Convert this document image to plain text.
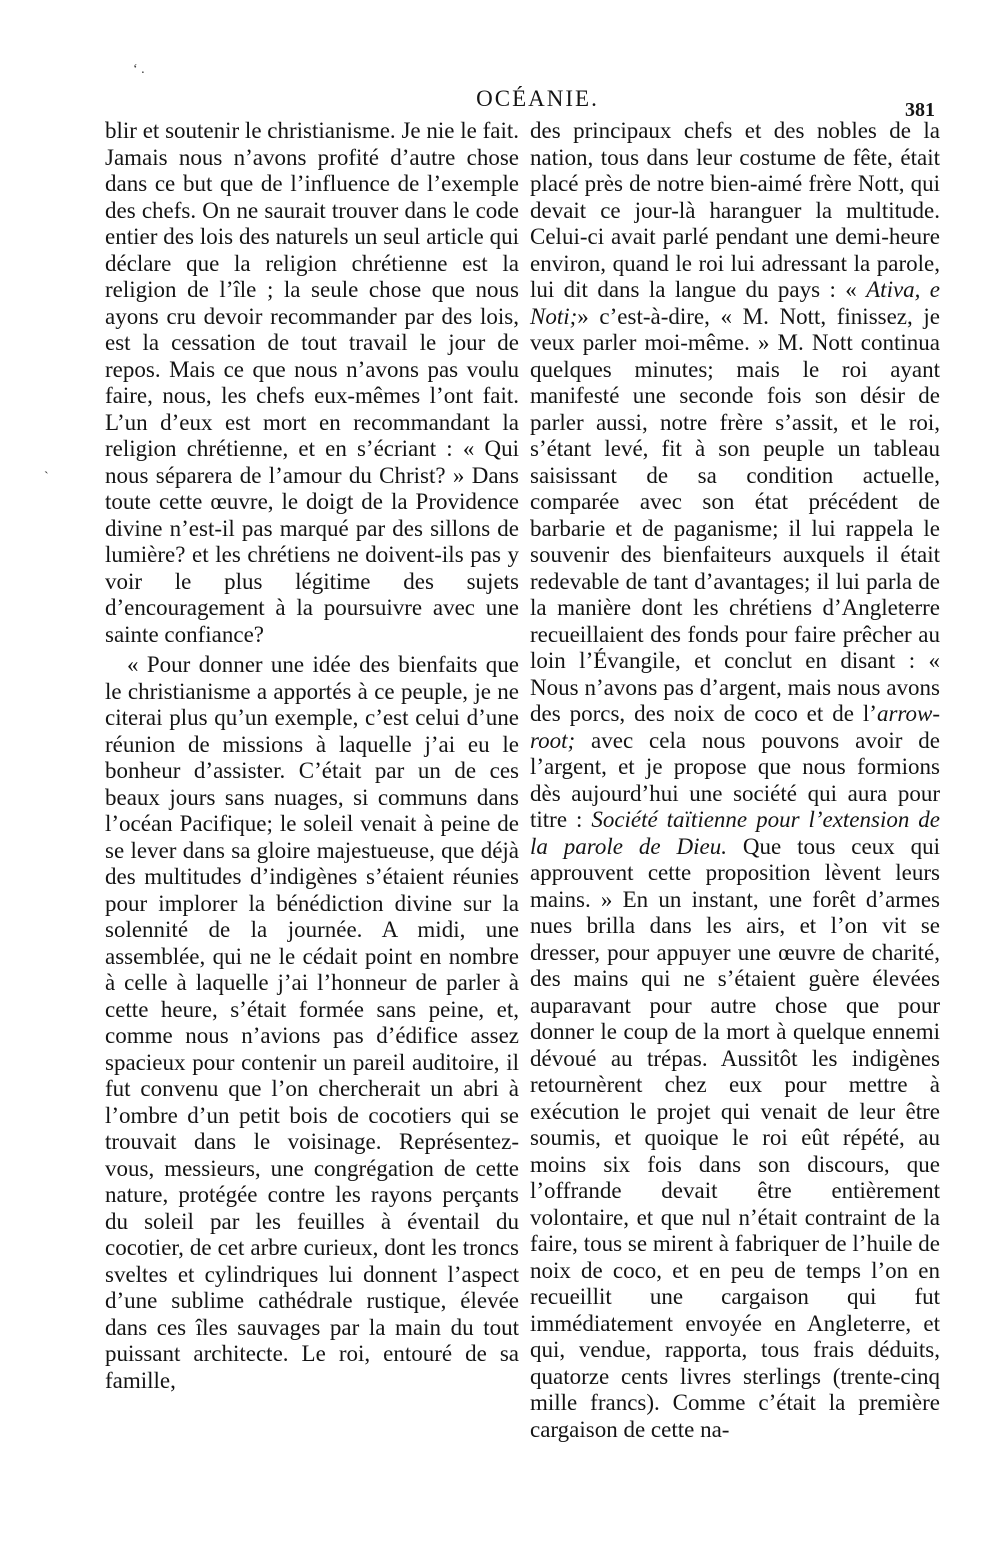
‘ .
`
OCÉANIE.	381

blir et soutenir le christianisme. Je nie le fait. Jamais nous n’avons profité d’autre chose dans ce but que de l’influence de l’exemple des chefs. On ne saurait trouver dans le code entier des lois des naturels un seul article qui déclare que la religion chrétienne est la religion de l’île ; la seule chose que nous ayons cru devoir recommander par des lois, est la cessation de tout travail le jour de repos. Mais ce que nous n’avons pas voulu faire, nous, les chefs eux-mêmes l’ont fait. L’un d’eux est mort en recommandant la religion chrétienne, et en s’écriant : « Qui nous séparera de l’amour du Christ? » Dans toute cette œuvre, le doigt de la Providence divine n’est-il pas marqué par des sillons de lumière? et les chrétiens ne doivent-ils pas y voir le plus légitime des sujets d’encouragement à la poursuivre avec une sainte confiance?

« Pour donner une idée des bienfaits que le christianisme a apportés à ce peuple, je ne citerai plus qu’un exemple, c’est celui d’une réunion de missions à laquelle j’ai eu le bonheur d’assister. C’était par un de ces beaux jours sans nuages, si communs dans l’océan Pacifique; le soleil venait à peine de se lever dans sa gloire majestueuse, que déjà des multitudes d’indigènes s’étaient réunies pour implorer la bénédiction divine sur la solennité de la journée. A midi, une assemblée, qui ne le cédait point en nombre à celle à laquelle j’ai l’honneur de parler à cette heure, s’était formée sans peine, et, comme nous n’avions pas d’édifice assez spacieux pour contenir un pareil auditoire, il fut convenu que l’on chercherait un abri à l’ombre d’un petit bois de cocotiers qui se trouvait dans le voisinage. Représentez-vous, messieurs, une congrégation de cette nature, protégée contre les rayons perçants du soleil par les feuilles à éventail du cocotier, de cet arbre curieux, dont les troncs sveltes et cylindriques lui donnent l’aspect d’une sublime cathédrale rustique, élevée dans ces îles sauvages par la main du tout puissant architecte. Le roi, entouré de sa famille,

des principaux chefs et des nobles de la nation, tous dans leur costume de fête, était placé près de notre bien-aimé frère Nott, qui devait ce jour-là haranguer la multitude. Celui-ci avait parlé pendant une demi-heure environ, quand le roi lui adressant la parole, lui dit dans la langue du pays : « Ativa, e Noti;» c’est-à-dire, « M. Nott, finissez, je veux parler moi-même. » M. Nott continua quelques minutes; mais le roi ayant manifesté une seconde fois son désir de parler aussi, notre frère s’assit, et le roi, s’étant levé, fit à son peuple un tableau saisissant de sa condition actuelle, comparée avec son état précédent de barbarie et de paganisme; il lui rappela le souvenir des bienfaiteurs auxquels il était redevable de tant d’avantages; il lui parla de la manière dont les chrétiens d’Angleterre recueillaient des fonds pour faire prêcher au loin l’Évangile, et conclut en disant : « Nous n’avons pas d’argent, mais nous avons des porcs, des noix de coco et de l’arrow-root; avec cela nous pouvons avoir de l’argent, et je propose que nous formions dès aujourd’hui une société qui aura pour titre : Société taïtienne pour l’extension de la parole de Dieu. Que tous ceux qui approuvent cette proposition lèvent leurs mains. » En un instant, une forêt d’armes nues brilla dans les airs, et l’on vit se dresser, pour appuyer une œuvre de charité, des mains qui ne s’étaient guère élevées auparavant pour autre chose que pour donner le coup de la mort à quelque ennemi dévoué au trépas. Aussitôt les indigènes retournèrent chez eux pour mettre à exécution le projet qui venait de leur être soumis, et quoique le roi eût répété, au moins six fois dans son discours, que l’offrande devait être entièrement volontaire, et que nul n’était contraint de la faire, tous se mirent à fabriquer de l’huile de noix de coco, et en peu de temps l’on en recueillit une cargaison qui fut immédiatement envoyée en Angleterre, et qui, vendue, rapporta, tous frais déduits, quatorze cents livres sterlings (trente-cinq mille francs). Comme c’était la première cargaison de cette na-
